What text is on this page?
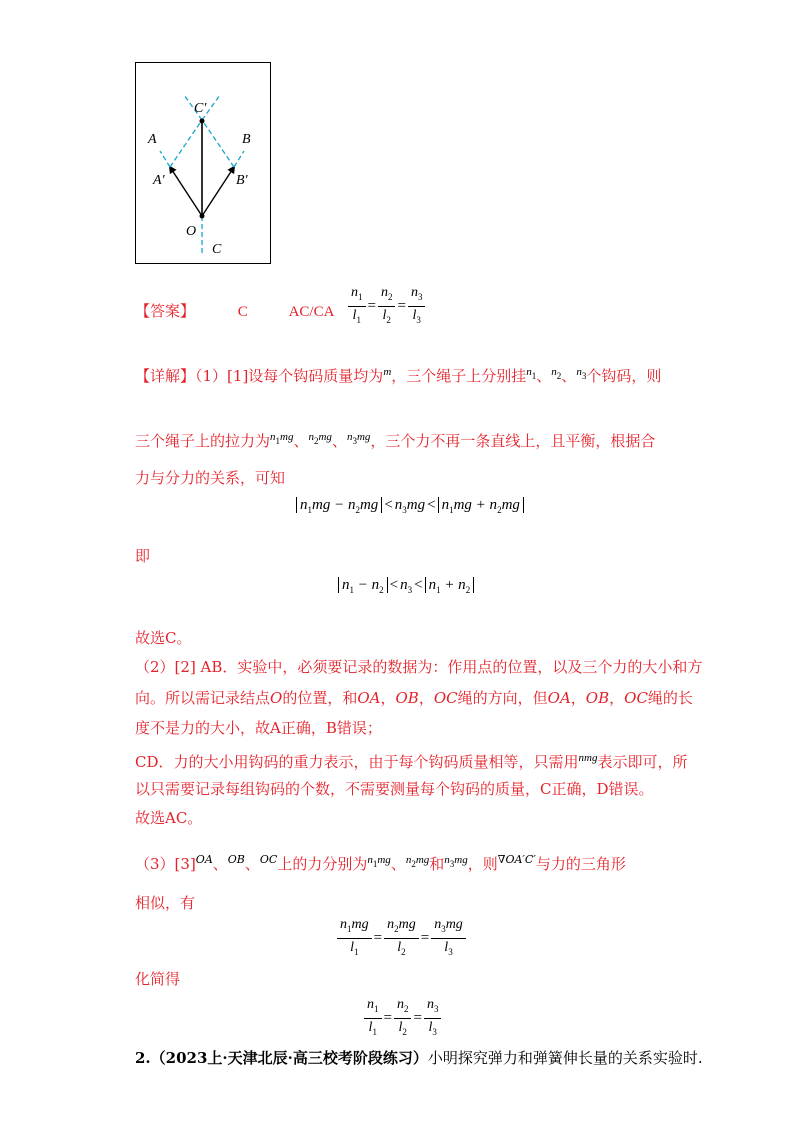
C'
A	B
A'	B'
O
C
【答案】	C	$AC/CA \frac{n_1}{l_1} = \frac{n_2}{l_2} = \frac{n_3}{l_3}$
【详解】（1）[1]设每个钩码质量均为$^m$，三个绳子上分别挂$^{n_1}$、$^{n_2}$、$^{n_3}$个钩码，则
三个绳子上的拉力为$^{n_1mg}$、$^{n_2mg}$、$^{n_3mg}$，三个力不再一条直线上，且平衡，根据合
力与分力的关系，可知
$n_1mg - n_2mg < n_3mg < n_1mg + n_2mg$
即
$n_1 - n_2 < n_3 < n_1 + n_2$
故选C。
（2）[2] AB．实验中，必须要记录的数据为：作用点的位置，以及三个力的大小和方
向。所以需记录结点O的位置，和OA，OB，OC绳的方向，但OA，OB，OC绳的长
度不是力的大小，故A正确，B错误；
CD．力的大小用钩码的重力表示，由于每个钩码质量相等，只需用$^{nmg}$表示即可，所
以只需要记录每组钩码的个数，不需要测量每个钩码的质量，C正确，D错误。
故选AC。
$(3)[3]^{OA}$、$^{OB}$、$^{OC}$上的力分别为$^{n_1mg}$、$^{n_2mg}$和$^{n_3mg}$，则$^{\nabla OA'C'}$与力的三角形
相似，有
$\frac{n_1mg}{l_1} = \frac{n_2mg}{l_2} = \frac{n_3mg}{l_3}$
化简得
$\frac{n_1}{l_1} = \frac{n_2}{l_2} = \frac{n_3}{l_3}$
2.（2023上·天津北辰·高三校考阶段练习）小明探究弹力和弹簧伸长量的关系实验时.
